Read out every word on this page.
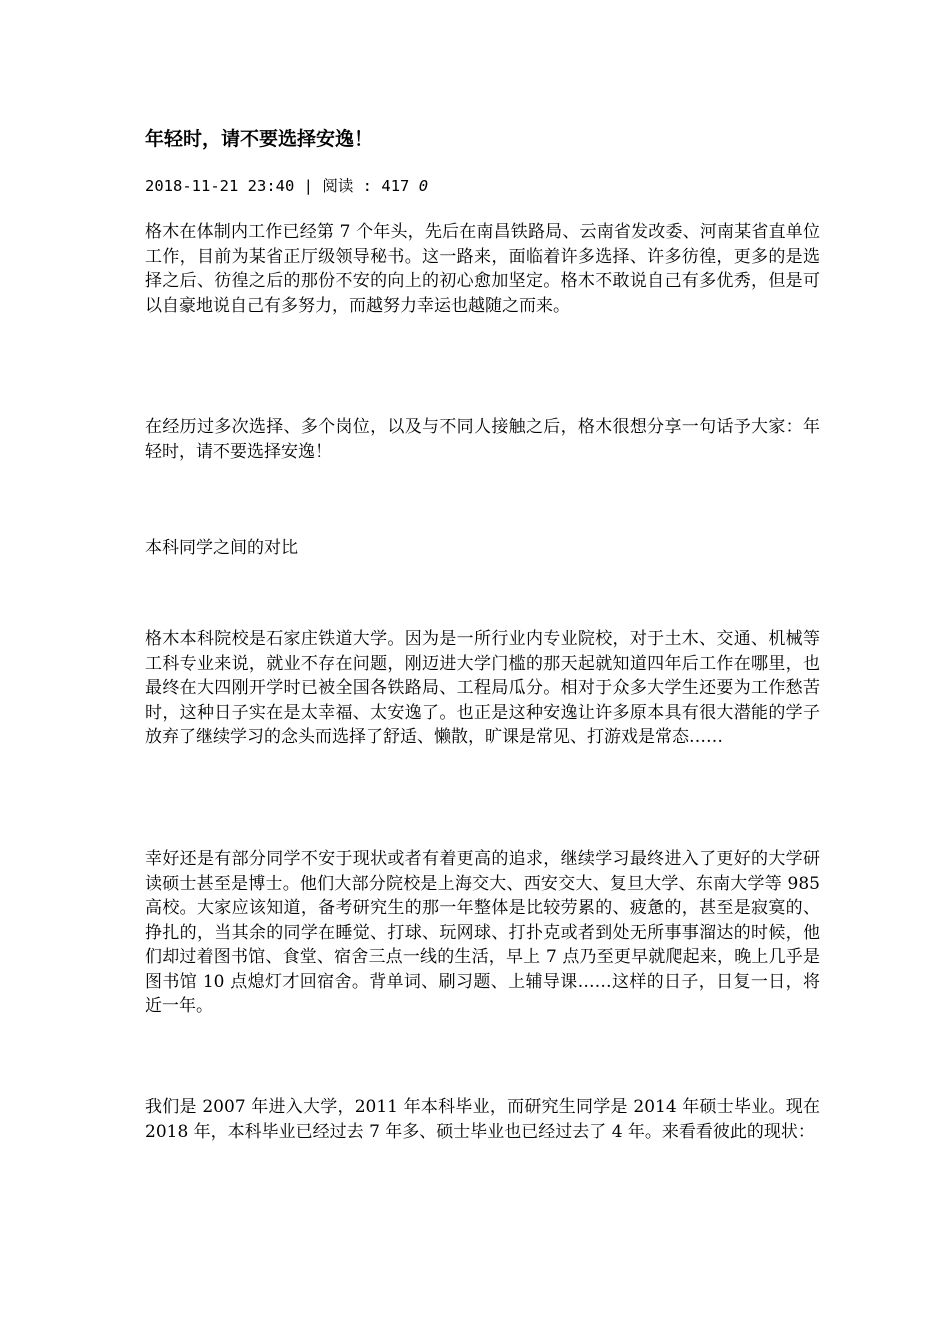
年轻时，请不要选择安逸！
2018-11-21 23:40 | 阅读 : 417 0

格木在体制内工作已经第 7 个年头，先后在南昌铁路局、云南省发改委、河南某省直单位工作，目前为某省正厅级领导秘书。这一路来，面临着许多选择、许多彷徨，更多的是选择之后、彷徨之后的那份不安的向上的初心愈加坚定。格木不敢说自己有多优秀，但是可以自豪地说自己有多努力，而越努力幸运也越随之而来。

在经历过多次选择、多个岗位，以及与不同人接触之后，格木很想分享一句话予大家：年轻时，请不要选择安逸！

本科同学之间的对比

格木本科院校是石家庄铁道大学。因为是一所行业内专业院校，对于土木、交通、机械等工科专业来说，就业不存在问题，刚迈进大学门槛的那天起就知道四年后工作在哪里，也最终在大四刚开学时已被全国各铁路局、工程局瓜分。相对于众多大学生还要为工作愁苦时，这种日子实在是太幸福、太安逸了。也正是这种安逸让许多原本具有很大潜能的学子放弃了继续学习的念头而选择了舒适、懒散，旷课是常见、打游戏是常态……

幸好还是有部分同学不安于现状或者有着更高的追求，继续学习最终进入了更好的大学研读硕士甚至是博士。他们大部分院校是上海交大、西安交大、复旦大学、东南大学等 985 高校。大家应该知道，备考研究生的那一年整体是比较劳累的、疲惫的，甚至是寂寞的、挣扎的，当其余的同学在睡觉、打球、玩网球、打扑克或者到处无所事事溜达的时候，他们却过着图书馆、食堂、宿舍三点一线的生活，早上 7 点乃至更早就爬起来，晚上几乎是图书馆 10 点熄灯才回宿舍。背单词、刷习题、上辅导课……这样的日子，日复一日，将近一年。

我们是 2007 年进入大学，2011 年本科毕业，而研究生同学是 2014 年硕士毕业。现在 2018 年，本科毕业已经过去 7 年多、硕士毕业也已经过去了 4 年。来看看彼此的现状：
